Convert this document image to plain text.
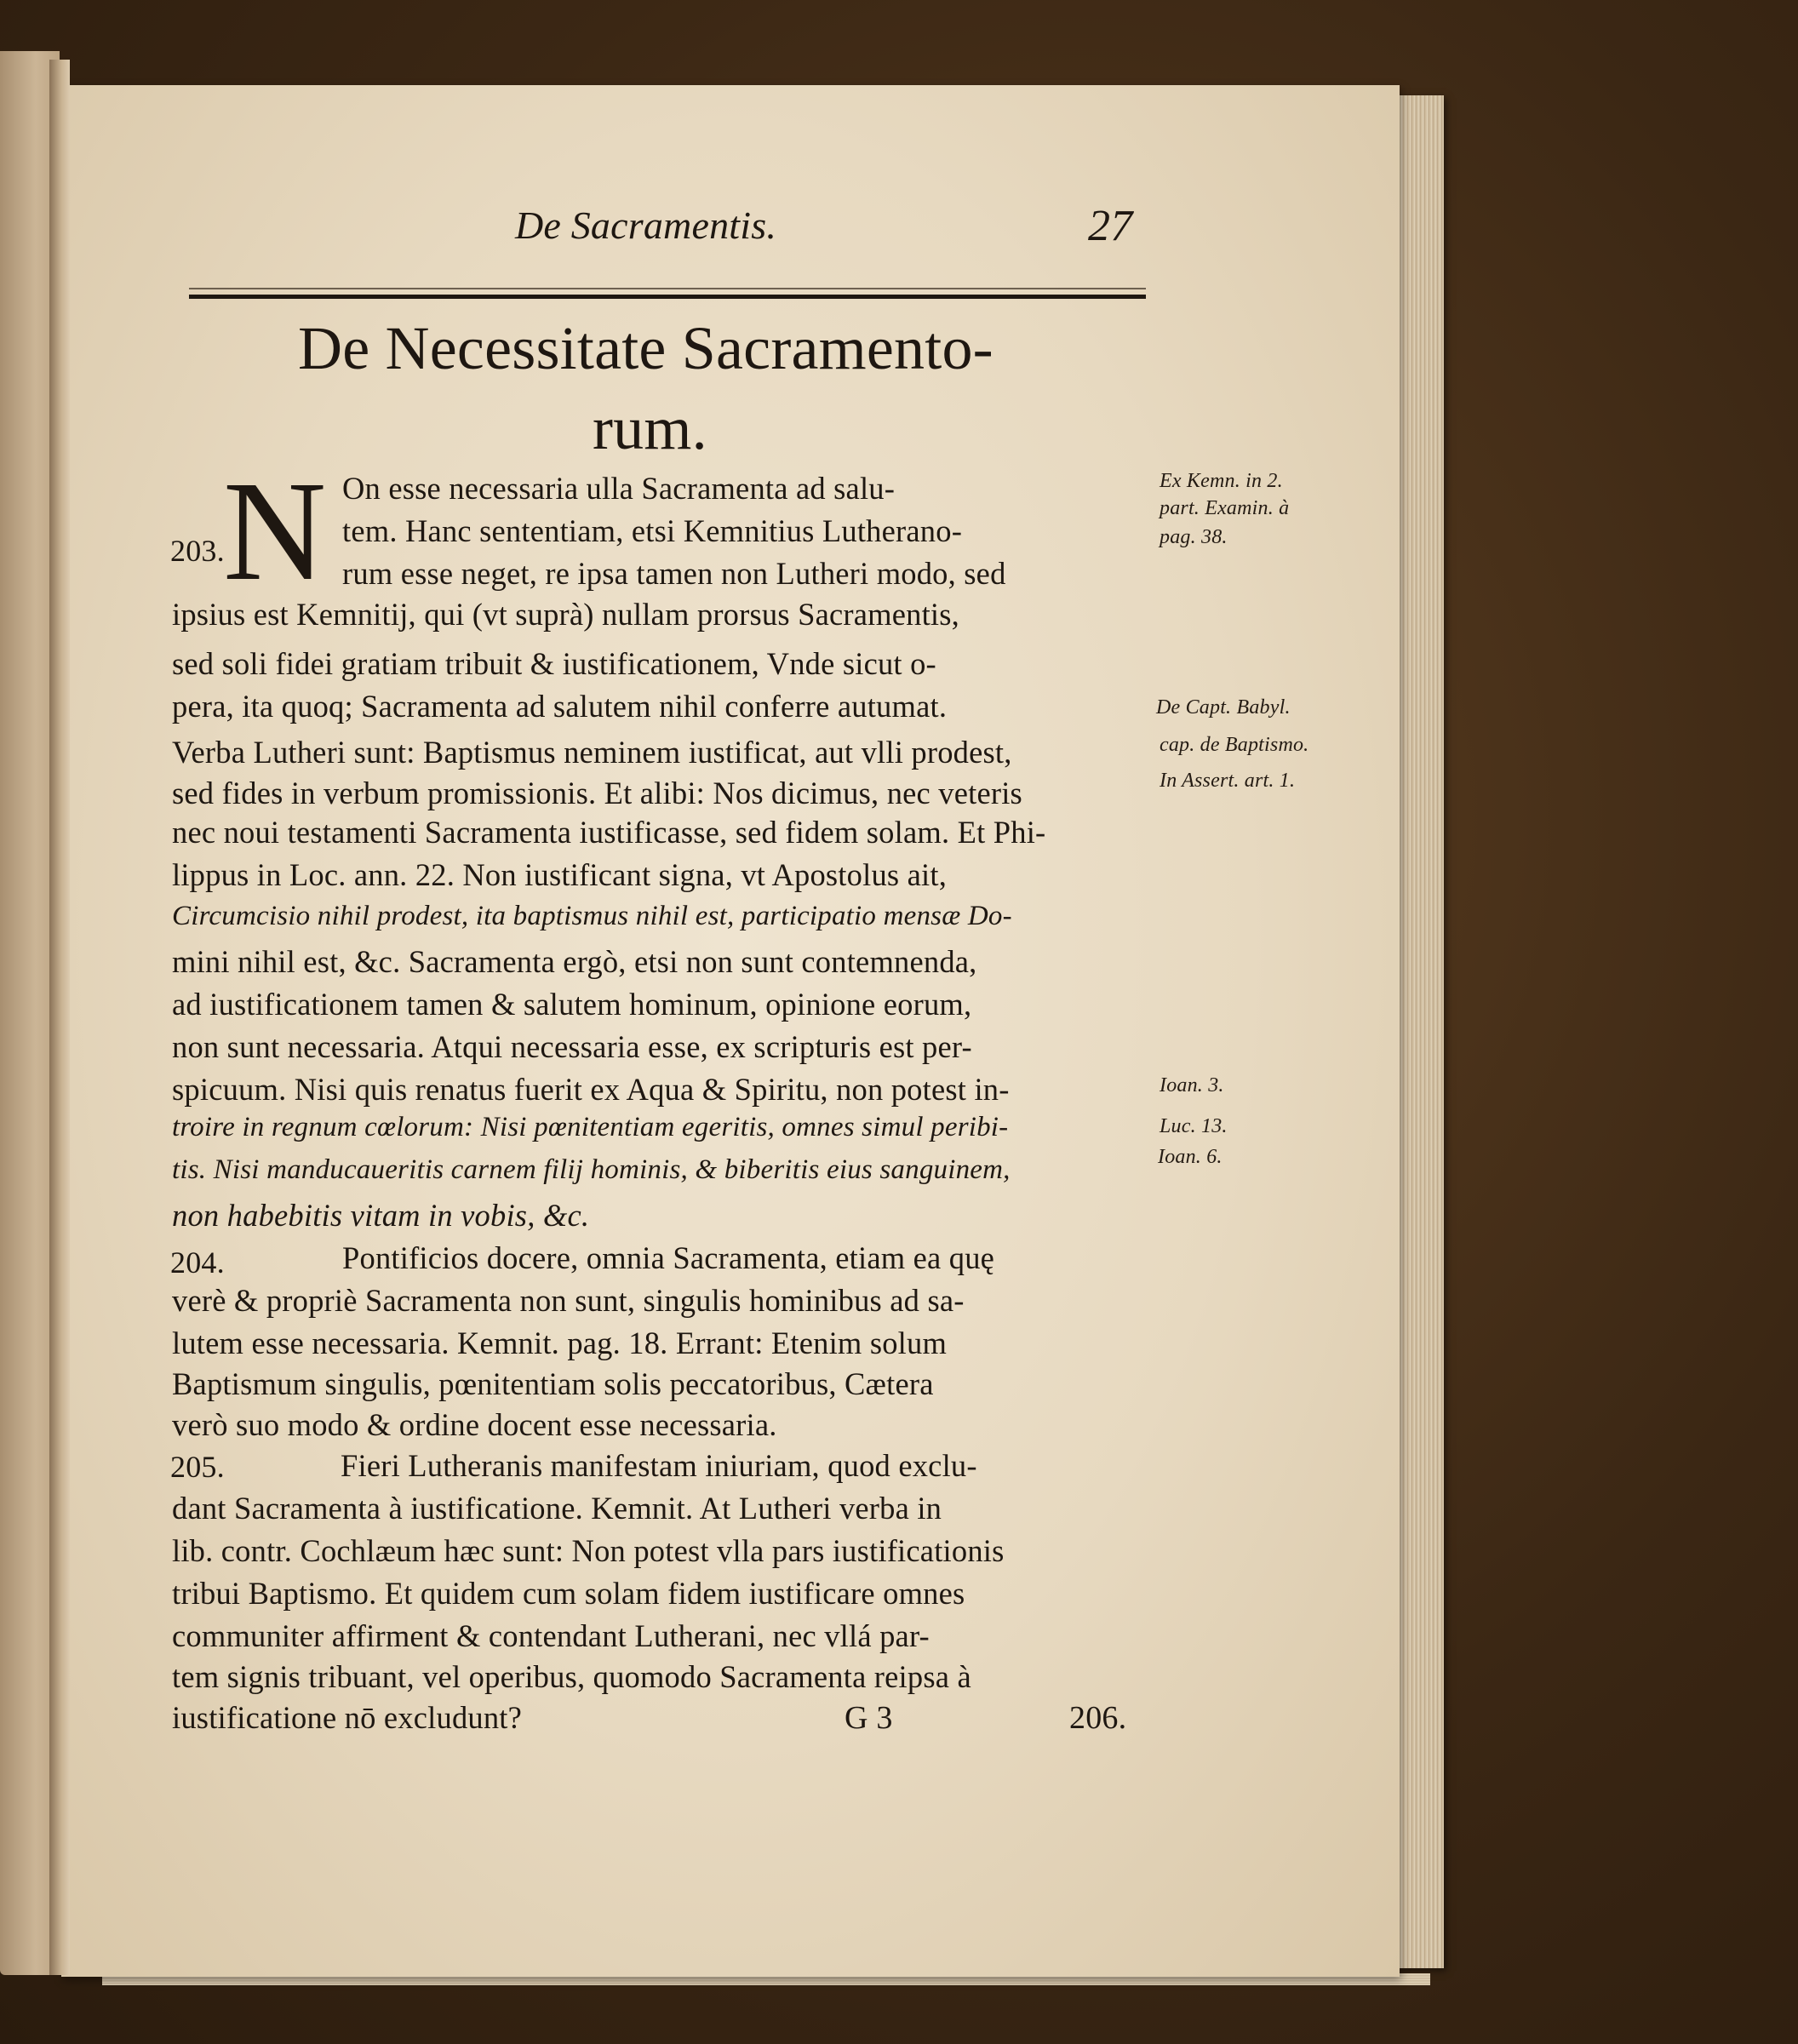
De Sacramentis.	27
De Necessitate Sacramento-
rum.
N
203.
204.
205.
On esse necessaria ulla Sacramenta ad salu-
tem. Hanc sententiam, etsi Kemnitius Lutherano-
rum esse neget, re ipsa tamen non Lutheri modo, sed
ipsius est Kemnitij, qui (vt suprà) nullam prorsus Sacramentis,
sed soli fidei gratiam tribuit & iustificationem, Vnde sicut o-
pera, ita quoq; Sacramenta ad salutem nihil conferre autumat.
Verba Lutheri sunt: Baptismus neminem iustificat, aut vlli prodest,
sed fides in verbum promissionis. Et alibi: Nos dicimus, nec veteris
nec noui testamenti Sacramenta iustificasse, sed fidem solam. Et Phi-
lippus in Loc. ann. 22. Non iustificant signa, vt Apostolus ait,
Circumcisio nihil prodest, ita baptismus nihil est, participatio mensæ Do-
mini nihil est, &c. Sacramenta ergò, etsi non sunt contemnenda,
ad iustificationem tamen & salutem hominum, opinione eorum,
non sunt necessaria. Atqui necessaria esse, ex scripturis est per-
spicuum. Nisi quis renatus fuerit ex Aqua & Spiritu, non potest in-
troire in regnum cœlorum: Nisi pœnitentiam egeritis, omnes simul peribi-
tis. Nisi manducaueritis carnem filij hominis, & biberitis eius sanguinem,
non habebitis vitam in vobis, &c.
Pontificios docere, omnia Sacramenta, etiam ea quę
verè & propriè Sacramenta non sunt, singulis hominibus ad sa-
lutem esse necessaria. Kemnit. pag. 18. Errant: Etenim solum
Baptismum singulis, pœnitentiam solis peccatoribus, Cætera
verò suo modo & ordine docent esse necessaria.
Fieri Lutheranis manifestam iniuriam, quod exclu-
dant Sacramenta à iustificatione. Kemnit. At Lutheri verba in
lib. contr. Cochlæum hæc sunt: Non potest vlla pars iustificationis
tribui Baptismo. Et quidem cum solam fidem iustificare omnes
communiter affirment & contendant Lutherani, nec vllá par-
tem signis tribuant, vel operibus, quomodo Sacramenta reipsa à
iustificatione nō excludunt?	G 3	206.
Ex Kemn. in 2.
part. Examin. à
pag. 38.
De Capt. Babyl.
cap. de Baptismo.
In Assert. art. 1.
Ioan. 3.
Luc. 13.
Ioan. 6.
